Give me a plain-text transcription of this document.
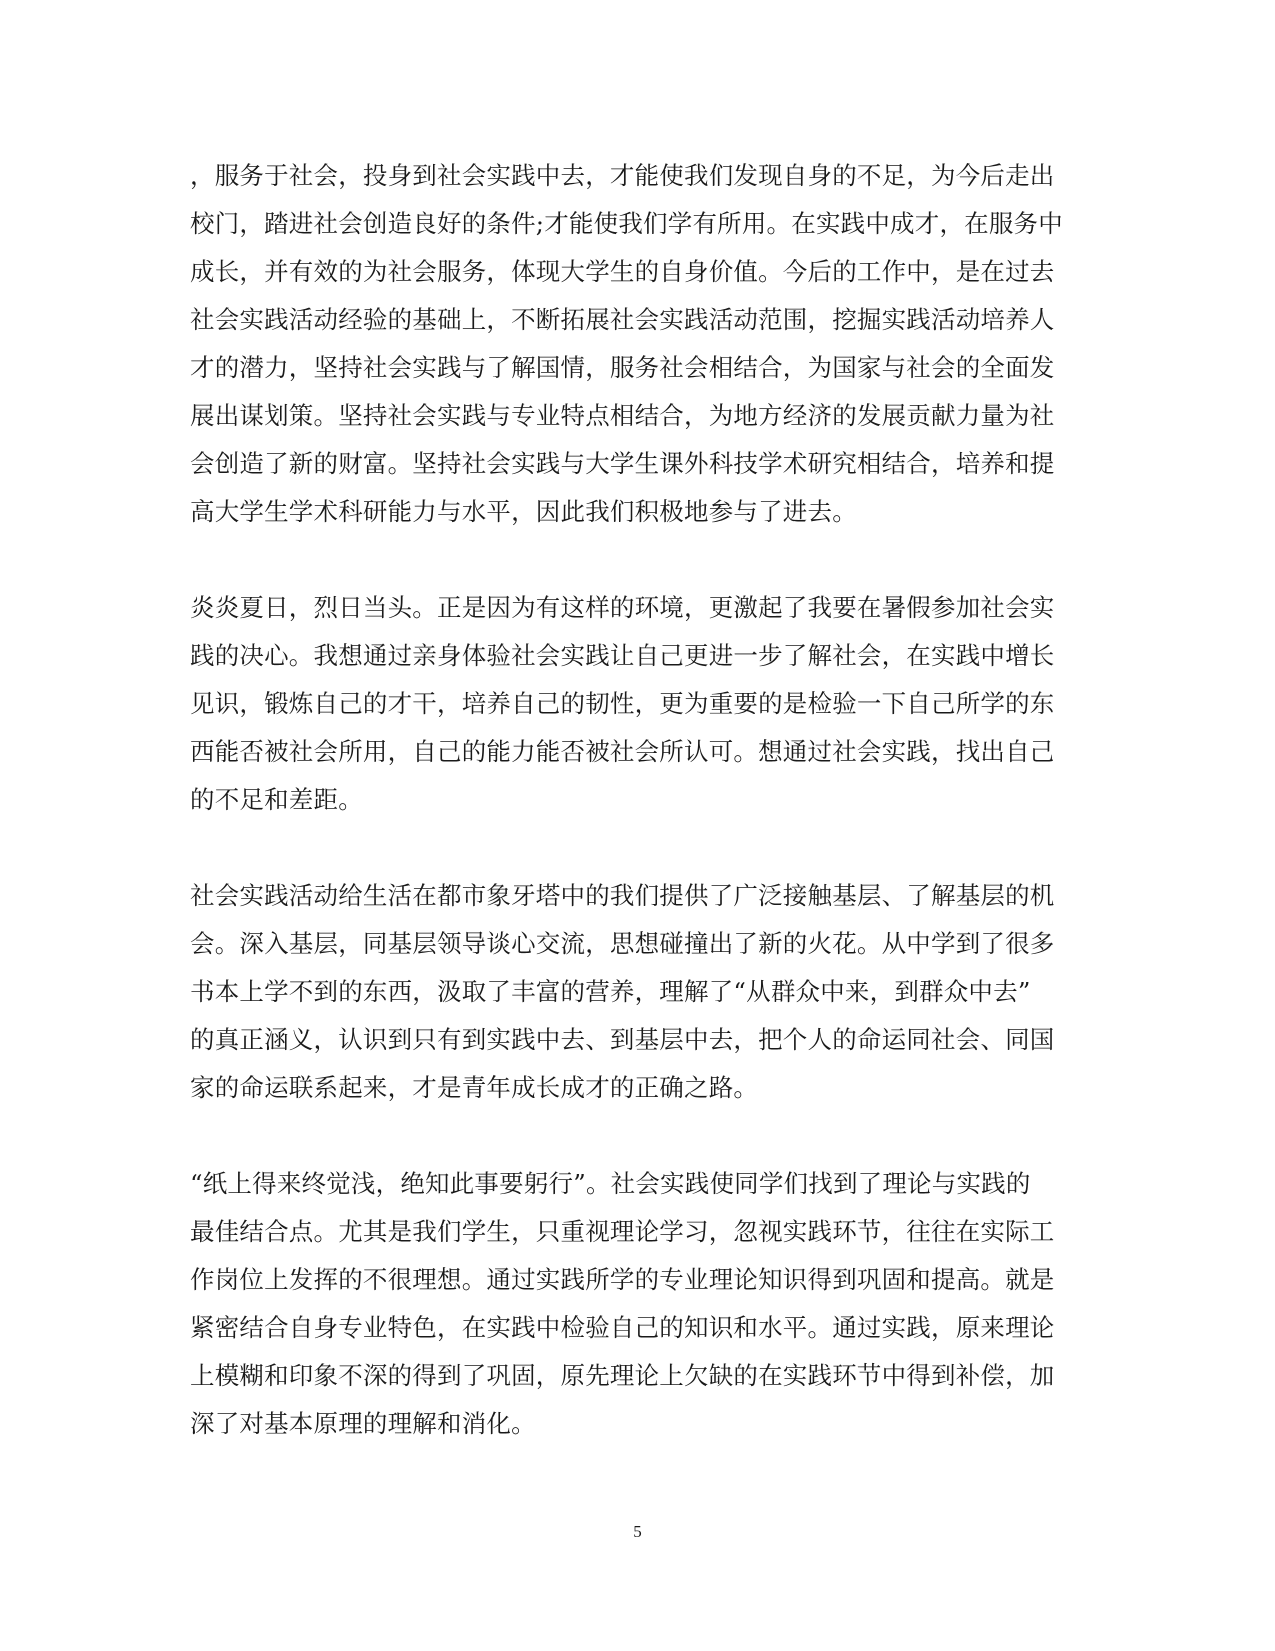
，服务于社会，投身到社会实践中去，才能使我们发现自身的不足，为今后走出
校门，踏进社会创造良好的条件;才能使我们学有所用。在实践中成才，在服务中
成长，并有效的为社会服务，体现大学生的自身价值。今后的工作中，是在过去
社会实践活动经验的基础上，不断拓展社会实践活动范围，挖掘实践活动培养人
才的潜力，坚持社会实践与了解国情，服务社会相结合，为国家与社会的全面发
展出谋划策。坚持社会实践与专业特点相结合，为地方经济的发展贡献力量为社
会创造了新的财富。坚持社会实践与大学生课外科技学术研究相结合，培养和提
高大学生学术科研能力与水平，因此我们积极地参与了进去。

炎炎夏日，烈日当头。正是因为有这样的环境，更激起了我要在暑假参加社会实
践的决心。我想通过亲身体验社会实践让自己更进一步了解社会，在实践中增长
见识，锻炼自己的才干，培养自己的韧性，更为重要的是检验一下自己所学的东
西能否被社会所用，自己的能力能否被社会所认可。想通过社会实践，找出自己
的不足和差距。

社会实践活动给生活在都市象牙塔中的我们提供了广泛接触基层、了解基层的机
会。深入基层，同基层领导谈心交流，思想碰撞出了新的火花。从中学到了很多
书本上学不到的东西，汲取了丰富的营养，理解了“从群众中来，到群众中去”
的真正涵义，认识到只有到实践中去、到基层中去，把个人的命运同社会、同国
家的命运联系起来，才是青年成长成才的正确之路。

“纸上得来终觉浅，绝知此事要躬行”。社会实践使同学们找到了理论与实践的
最佳结合点。尤其是我们学生，只重视理论学习，忽视实践环节，往往在实际工
作岗位上发挥的不很理想。通过实践所学的专业理论知识得到巩固和提高。就是
紧密结合自身专业特色，在实践中检验自己的知识和水平。通过实践，原来理论
上模糊和印象不深的得到了巩固，原先理论上欠缺的在实践环节中得到补偿，加
深了对基本原理的理解和消化。

5
